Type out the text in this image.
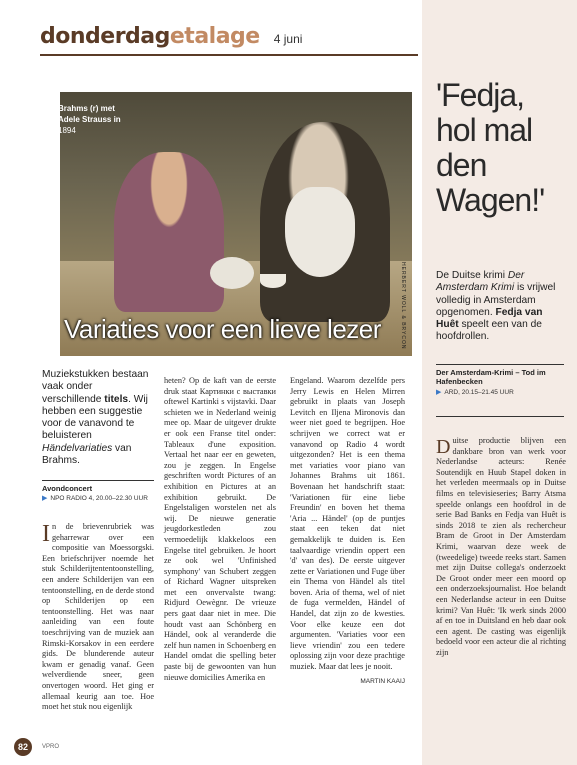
donderdag etalage 4 juni
Brahms (r) met
Adele Strauss in
1894
HERBERT WOLL & BRYCON
Variaties voor een lieve lezer
Muziekstukken bestaan vaak onder verschillende titels. Wij hebben een suggestie voor de vanavond te beluisteren Händelvariaties van Brahms.
Avondconcert
▶ NPO RADIO 4, 20.00–22.30 UUR
In de brievenrubriek was geharrewar over een compositie van Moessorgski. Een briefschrijver noemde het stuk Schilderijtententoonstelling, een andere Schilderijen van een tentoonstelling, en de derde stond op Schilderijen op een tentoonstelling. Het was naar aanleiding van een foute toeschrijving van de muziek aan Rimski-Korsakov in een eerdere gids. De blunderende auteur kwam er genadig vanaf. Geen welverdiende sneer, geen onvertogen woord. Het ging er allemaal keurig aan toe. Hoe moet het stuk nou eigenlijk
heten? Op de kaft van de eerste druk staat Картинки с выставки oftewel Kartinki s vijstavki. Daar schieten we in Nederland weinig mee op. Maar de uitgever drukte er ook een Franse titel onder: Tableaux d'une exposition. Vertaal het naar eer en geweten, zou je zeggen. In Engelse geschriften wordt Pictures of an exhibition en Pictures at an exhibition gebruikt. De Engelstaligen worstelen net als wij. De nieuwe generatie jeugdorkestleden zou vermoedelijk klakkeloos een Engelse titel gebruiken. Je hoort ze ook wel 'Unfinished symphony' van Schubert zeggen of Richard Wagner uitspreken met een onvervalste twang: Ridjurd Oewègnr. De vrieuze pers gaat daar niet in mee. Die houdt vast aan Schönberg en Händel, ook al veranderde die zelf hun namen in Schoenberg en Handel omdat die spelling beter paste bij de gewoonten van hun nieuwe domicilies Amerika en
Engeland. Waarom dezelfde pers Jerry Lewis en Helen Mirren gebruikt in plaats van Joseph Levitch en Iljena Mironovis dan weer niet goed te begrijpen. Hoe schrijven we correct wat er vanavond op Radio 4 wordt uitgezonden? Het is een thema met variaties voor piano van Johannes Brahms uit 1861. Bovenaan het handschrift staat: 'Variationen für eine liebe Freundin' en boven het thema 'Aria ... Händel' (op de puntjes staat een teken dat niet gemakkelijk te duiden is. Een taalvaardige vriendin oppert een 'd' van des). De eerste uitgever zette er Variationen und Fuge über ein Thema von Händel als titel boven. Aria of thema, wel of niet de fuga vermelden, Händel of Handel, dat zijn zo de kwesties. Voor elke keuze een dot argumenten. 'Variaties voor een lieve vriendin' zou een tedere oplossing zijn voor deze prachtige muziek. Maar dat lees je nooit.
MARTIN KAAIJ
'Fedja, hol mal den Wagen!'
De Duitse krimi Der Amsterdam Krimi is vrijwel volledig in Amsterdam opgenomen. Fedja van Huêt speelt een van de hoofdrollen.
Der Amsterdam-Krimi – Tod im Hafenbecken
▶ ARD, 20.15–21.45 UUR
Duitse productie blijven een dankbare bron van werk voor Nederlandse acteurs: Renée Soutendijk en Huub Stapel doken in het verleden meermaals op in Duitse films en televisieseries; Barry Atsma speelde onlangs een hoofdrol in de serie Bad Banks en Fedja van Huêt is sinds 2018 te zien als rechercheur Bram de Groot in Der Amsterdam Krimi, waarvan deze week de (tweedelige) tweede reeks start. Samen met zijn Duitse collega's onderzoekt De Groot onder meer een moord op een onderzoeksjournalist. Hoe belandt een Nederlandse acteur in een Duitse krimi? Van Huêt: 'Ik werk sinds 2000 af en toe in Duitsland en heb daar ook een agent. De casting was eigenlijk bedoeld voor een acteur die al richting zijn
82	VPRO
